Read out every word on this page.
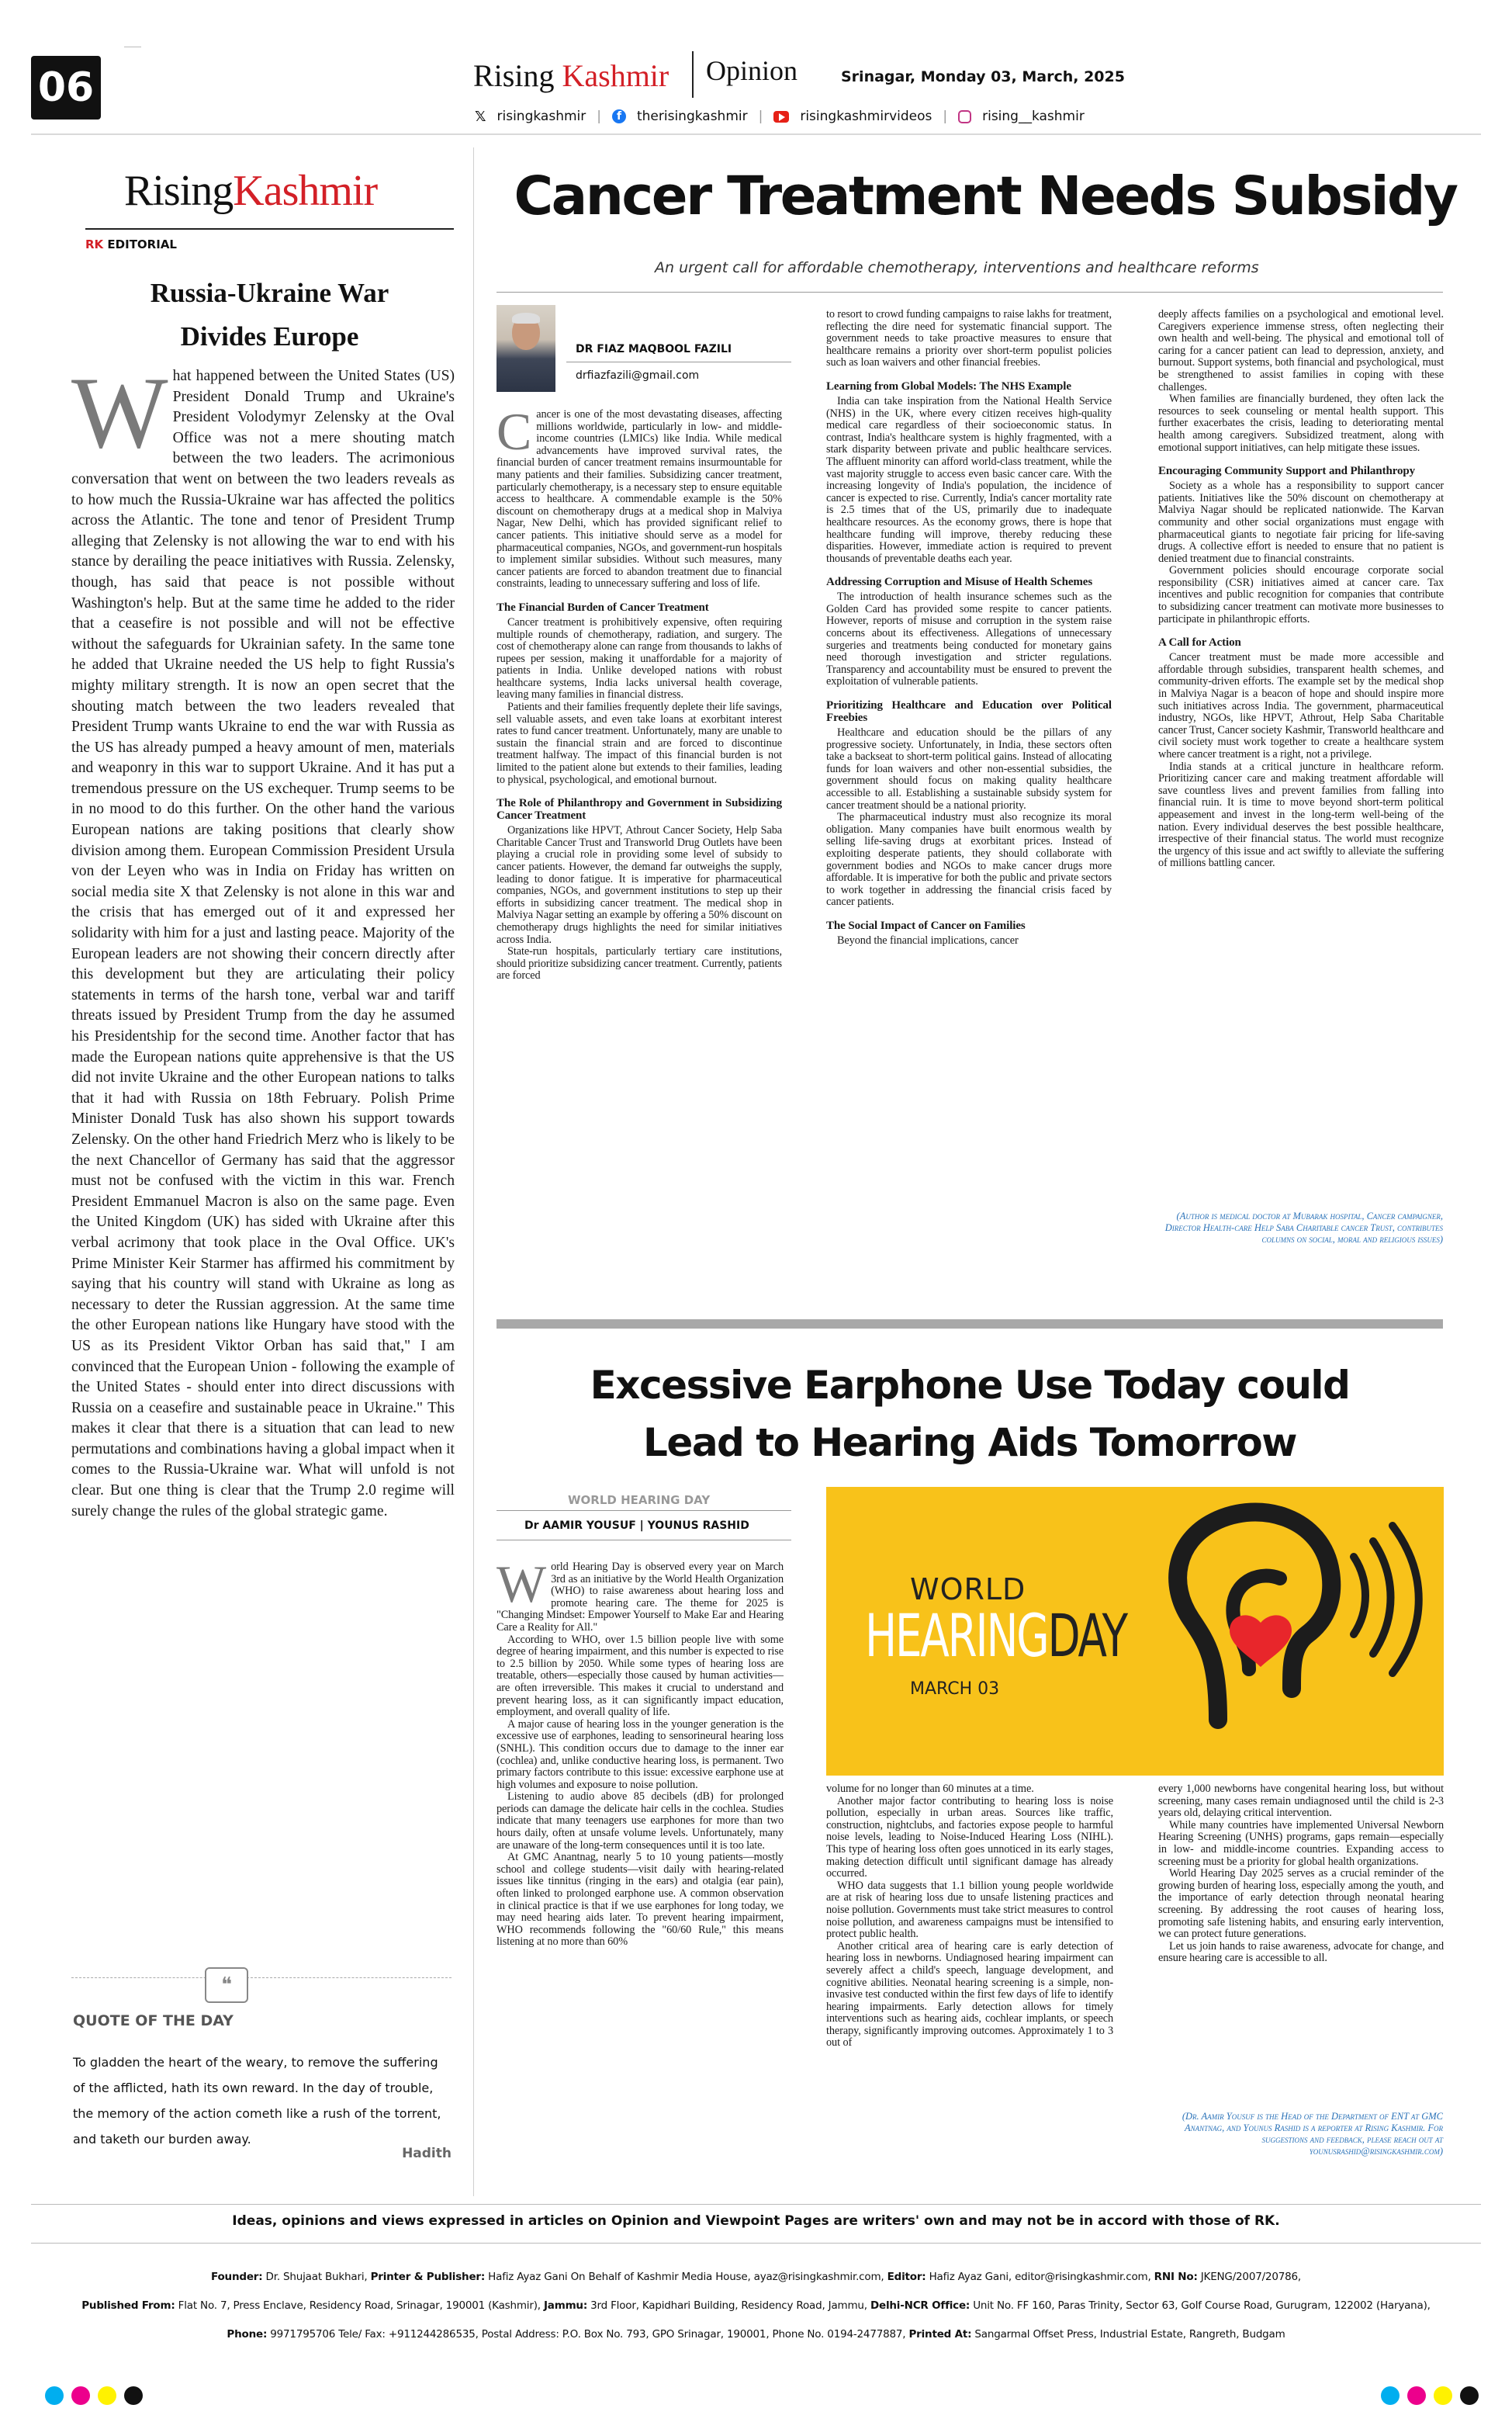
06	Rising Kashmir Opinion	Srinagar, Monday 03, March, 2025
𝕏 risingkashmir |	f	therisingkashmir |	risingkashmirvideos |	rising__kashmir
RisingKashmir
RK EDITORIAL
Russia-Ukraine War
Divides Europe
W hat happened between the United States (US) President Donald Trump and Ukraine's President Volodymyr Zelensky at the Oval Office was not a mere shouting match between the two leaders. The acrimonious conversation that went on between the two leaders reveals as to how much the Russia-Ukraine war has affected the politics across the Atlantic. The tone and tenor of President Trump alleging that Zelensky is not allowing the war to end with his stance by derailing the peace initiatives with Russia. Zelensky, though, has said that peace is not possible without Washington's help. But at the same time he added to the rider that a ceasefire is not possible and will not be effective without the safeguards for Ukrainian safety. In the same tone he added that Ukraine needed the US help to fight Russia's mighty military strength. It is now an open secret that the shouting match between the two leaders revealed that President Trump wants Ukraine to end the war with Russia as the US has already pumped a heavy amount of men, materials and weaponry in this war to support Ukraine. And it has put a tremendous pressure on the US exchequer. Trump seems to be in no mood to do this further. On the other hand the various European nations are taking positions that clearly show division among them. European Commission President Ursula von der Leyen who was in India on Friday has written on social media site X that Zelensky is not alone in this war and the crisis that has emerged out of it and expressed her solidarity with him for a just and lasting peace. Majority of the European leaders are not showing their concern directly after this development but they are articulating their policy statements in terms of the harsh tone, verbal war and tariff threats issued by President Trump from the day he assumed his Presidentship for the second time. Another factor that has made the European nations quite apprehensive is that the US did not invite Ukraine and the other European nations to talks that it had with Russia on 18th February. Polish Prime Minister Donald Tusk has also shown his support towards Zelensky. On the other hand Friedrich Merz who is likely to be the next Chancellor of Germany has said that the aggressor must not be confused with the victim in this war. French President Emmanuel Macron is also on the same page. Even the United Kingdom (UK) has sided with Ukraine after this verbal acrimony that took place in the Oval Office. UK's Prime Minister Keir Starmer has affirmed his commitment by saying that his country will stand with Ukraine as long as necessary to deter the Russian aggression. At the same time the other European nations like Hungary have stood with the US as its President Viktor Orban has said that," I am convinced that the European Union - following the example of the United States - should enter into direct discussions with Russia on a ceasefire and sustainable peace in Ukraine." This makes it clear that there is a situation that can lead to new permutations and combinations having a global impact when it comes to the Russia-Ukraine war. What will unfold is not clear. But one thing is clear that the Trump 2.0 regime will surely change the rules of the global strategic game.
❝
QUOTE OF THE DAY
To gladden the heart of the weary, to remove the suffering of the afflicted, hath its own reward. In the day of trouble, the memory of the action cometh like a rush of the torrent, and taketh our burden away.
Hadith
Cancer Treatment Needs Subsidy
An urgent call for affordable chemotherapy, interventions and healthcare reforms
DR FIAZ MAQBOOL FAZILI
drfiazfazili@gmail.com

Cancer is one of the most devastating diseases, affecting millions worldwide, particularly in low- and middle-income countries (LMICs) like India. While medical advancements have improved survival rates, the financial burden of cancer treatment remains insurmountable for many patients and their families. Subsidizing cancer treatment, particularly chemotherapy, is a necessary step to ensure equitable access to healthcare. A commendable example is the 50% discount on chemotherapy drugs at a medical shop in Malviya Nagar, New Delhi, which has provided significant relief to cancer patients. This initiative should serve as a model for pharmaceutical companies, NGOs, and government-run hospitals to implement similar subsidies. Without such measures, many cancer patients are forced to abandon treatment due to financial constraints, leading to unnecessary suffering and loss of life.

The Financial Burden of Cancer Treatment

Cancer treatment is prohibitively expensive, often requiring multiple rounds of chemotherapy, radiation, and surgery. The cost of chemotherapy alone can range from thousands to lakhs of rupees per session, making it unaffordable for a majority of patients in India. Unlike developed nations with robust healthcare systems, India lacks universal health coverage, leaving many families in financial distress.

Patients and their families frequently deplete their life savings, sell valuable assets, and even take loans at exorbitant interest rates to fund cancer treatment. Unfortunately, many are unable to sustain the financial strain and are forced to discontinue treatment halfway. The impact of this financial burden is not limited to the patient alone but extends to their families, leading to physical, psychological, and emotional burnout.

The Role of Philanthropy and Government in Subsidizing Cancer Treatment

Organizations like HPVT, Athrout Cancer Society, Help Saba Charitable Cancer Trust and Transworld Drug Outlets have been playing a crucial role in providing some level of subsidy to cancer patients. However, the demand far outweighs the supply, leading to donor fatigue. It is imperative for pharmaceutical companies, NGOs, and government institutions to step up their efforts in subsidizing cancer treatment. The medical shop in Malviya Nagar setting an example by offering a 50% discount on chemotherapy drugs highlights the need for similar initiatives across India.

State-run hospitals, particularly tertiary care institutions, should prioritize subsidizing cancer treatment. Currently, patients are forced

to resort to crowd funding campaigns to raise lakhs for treatment, reflecting the dire need for systematic financial support. The government needs to take proactive measures to ensure that healthcare remains a priority over short-term populist policies such as loan waivers and other financial freebies.

Learning from Global Models: The NHS Example

India can take inspiration from the National Health Service (NHS) in the UK, where every citizen receives high-quality medical care regardless of their socioeconomic status. In contrast, India's healthcare system is highly fragmented, with a stark disparity between private and public healthcare services. The affluent minority can afford world-class treatment, while the vast majority struggle to access even basic cancer care. With the increasing longevity of India's population, the incidence of cancer is expected to rise. Currently, India's cancer mortality rate is 2.5 times that of the US, primarily due to inadequate healthcare resources. As the economy grows, there is hope that healthcare funding will improve, thereby reducing these disparities. However, immediate action is required to prevent thousands of preventable deaths each year.

Addressing Corruption and Misuse of Health Schemes

The introduction of health insurance schemes such as the Golden Card has provided some respite to cancer patients. However, reports of misuse and corruption in the system raise concerns about its effectiveness. Allegations of unnecessary surgeries and treatments being conducted for monetary gains need thorough investigation and stricter regulations. Transparency and accountability must be ensured to prevent the exploitation of vulnerable patients.

Prioritizing Healthcare and Education over Political Freebies

Healthcare and education should be the pillars of any progressive society. Unfortunately, in India, these sectors often take a backseat to short-term political gains. Instead of allocating funds for loan waivers and other non-essential subsidies, the government should focus on making quality healthcare accessible to all. Establishing a sustainable subsidy system for cancer treatment should be a national priority.

The pharmaceutical industry must also recognize its moral obligation. Many companies have built enormous wealth by selling life-saving drugs at exorbitant prices. Instead of exploiting desperate patients, they should collaborate with government bodies and NGOs to make cancer drugs more affordable. It is imperative for both the public and private sectors to work together in addressing the financial crisis faced by cancer patients.

The Social Impact of Cancer on Families

Beyond the financial implications, cancer

deeply affects families on a psychological and emotional level. Caregivers experience immense stress, often neglecting their own health and well-being. The physical and emotional toll of caring for a cancer patient can lead to depression, anxiety, and burnout. Support systems, both financial and psychological, must be strengthened to assist families in coping with these challenges.

When families are financially burdened, they often lack the resources to seek counseling or mental health support. This further exacerbates the crisis, leading to deteriorating mental health among caregivers. Subsidized treatment, along with emotional support initiatives, can help mitigate these issues.

Encouraging Community Support and Philanthropy

Society as a whole has a responsibility to support cancer patients. Initiatives like the 50% discount on chemotherapy at Malviya Nagar should be replicated nationwide. The Karvan community and other social organizations must engage with pharmaceutical giants to negotiate fair pricing for life-saving drugs. A collective effort is needed to ensure that no patient is denied treatment due to financial constraints.

Government policies should encourage corporate social responsibility (CSR) initiatives aimed at cancer care. Tax incentives and public recognition for companies that contribute to subsidizing cancer treatment can motivate more businesses to participate in philanthropic efforts.

A Call for Action

Cancer treatment must be made more accessible and affordable through subsidies, transparent health schemes, and community-driven efforts. The example set by the medical shop in Malviya Nagar is a beacon of hope and should inspire more such initiatives across India. The government, pharmaceutical industry, NGOs, like HPVT, Athrout, Help Saba Charitable cancer Trust, Cancer society Kashmir, Transworld healthcare and civil society must work together to create a healthcare system where cancer treatment is a right, not a privilege.

India stands at a critical juncture in healthcare reform. Prioritizing cancer care and making treatment affordable will save countless lives and prevent families from falling into financial ruin. It is time to move beyond short-term political appeasement and invest in the long-term well-being of the nation. Every individual deserves the best possible healthcare, irrespective of their financial status. The world must recognize the urgency of this issue and act swiftly to alleviate the suffering of millions battling cancer.

(Author is medical doctor at Mubarak hospital, Cancer campaigner, Director Health-care Help Saba Charitable cancer Trust, contributes columns on social, moral and religious issues)
Excessive Earphone Use Today could
Lead to Hearing Aids Tomorrow
WORLD HEARING DAY
Dr AAMIR YOUSUF | YOUNUS RASHID
WORLD
HEARINGDAY
MARCH 03

World Hearing Day is observed every year on March 3rd as an initiative by the World Health Organization (WHO) to raise awareness about hearing loss and promote hearing care. The theme for 2025 is "Changing Mindset: Empower Yourself to Make Ear and Hearing Care a Reality for All."

According to WHO, over 1.5 billion people live with some degree of hearing impairment, and this number is expected to rise to 2.5 billion by 2050. While some types of hearing loss are treatable, others—especially those caused by human activities—are often irreversible. This makes it crucial to understand and prevent hearing loss, as it can significantly impact education, employment, and overall quality of life.

A major cause of hearing loss in the younger generation is the excessive use of earphones, leading to sensorineural hearing loss (SNHL). This condition occurs due to damage to the inner ear (cochlea) and, unlike conductive hearing loss, is permanent. Two primary factors contribute to this issue: excessive earphone use at high volumes and exposure to noise pollution.

Listening to audio above 85 decibels (dB) for prolonged periods can damage the delicate hair cells in the cochlea. Studies indicate that many teenagers use earphones for more than two hours daily, often at unsafe volume levels. Unfortunately, many are unaware of the long-term consequences until it is too late.

At GMC Anantnag, nearly 5 to 10 young patients—mostly school and college students—visit daily with hearing-related issues like tinnitus (ringing in the ears) and otalgia (ear pain), often linked to prolonged earphone use. A common observation in clinical practice is that if we use earphones for long today, we may need hearing aids later. To prevent hearing impairment, WHO recommends following the "60/60 Rule," this means listening at no more than 60%

volume for no longer than 60 minutes at a time.

Another major factor contributing to hearing loss is noise pollution, especially in urban areas. Sources like traffic, construction, nightclubs, and factories expose people to harmful noise levels, leading to Noise-Induced Hearing Loss (NIHL). This type of hearing loss often goes unnoticed in its early stages, making detection difficult until significant damage has already occurred.

WHO data suggests that 1.1 billion young people worldwide are at risk of hearing loss due to unsafe listening practices and noise pollution. Governments must take strict measures to control noise pollution, and awareness campaigns must be intensified to protect public health.

Another critical area of hearing care is early detection of hearing loss in newborns. Undiagnosed hearing impairment can severely affect a child's speech, language development, and cognitive abilities. Neonatal hearing screening is a simple, non-invasive test conducted within the first few days of life to identify hearing impairments. Early detection allows for timely interventions such as hearing aids, cochlear implants, or speech therapy, significantly improving outcomes. Approximately 1 to 3 out of

every 1,000 newborns have congenital hearing loss, but without screening, many cases remain undiagnosed until the child is 2-3 years old, delaying critical intervention.

While many countries have implemented Universal Newborn Hearing Screening (UNHS) programs, gaps remain—especially in low- and middle-income countries. Expanding access to screening must be a priority for global health organizations.

World Hearing Day 2025 serves as a crucial reminder of the growing burden of hearing loss, especially among the youth, and the importance of early detection through neonatal hearing screening. By addressing the root causes of hearing loss, promoting safe listening habits, and ensuring early intervention, we can protect future generations.

Let us join hands to raise awareness, advocate for change, and ensure hearing care is accessible to all.

(Dr. Aamir Yousuf is the Head of the Department of ENT at GMC Anantnag, and Younus Rashid is a reporter at Rising Kashmir. For suggestions and feedback, please reach out at younusrashid@risingkashmir.com)
Ideas, opinions and views expressed in articles on Opinion and Viewpoint Pages are writers' own and may not be in accord with those of RK.
Founder: Dr. Shujaat Bukhari, Printer & Publisher: Hafiz Ayaz Gani On Behalf of Kashmir Media House, ayaz@risingkashmir.com, Editor: Hafiz Ayaz Gani, editor@risingkashmir.com, RNI No: JKENG/2007/20786,
Published From: Flat No. 7, Press Enclave, Residency Road, Srinagar, 190001 (Kashmir), Jammu: 3rd Floor, Kapidhari Building, Residency Road, Jammu, Delhi-NCR Office: Unit No. FF 160, Paras Trinity, Sector 63, Golf Course Road, Gurugram, 122002 (Haryana),
Phone: 9971795706 Tele/ Fax: +911244286535, Postal Address: P.O. Box No. 793, GPO Srinagar, 190001, Phone No. 0194-2477887, Printed At: Sangarmal Offset Press, Industrial Estate, Rangreth, Budgam
